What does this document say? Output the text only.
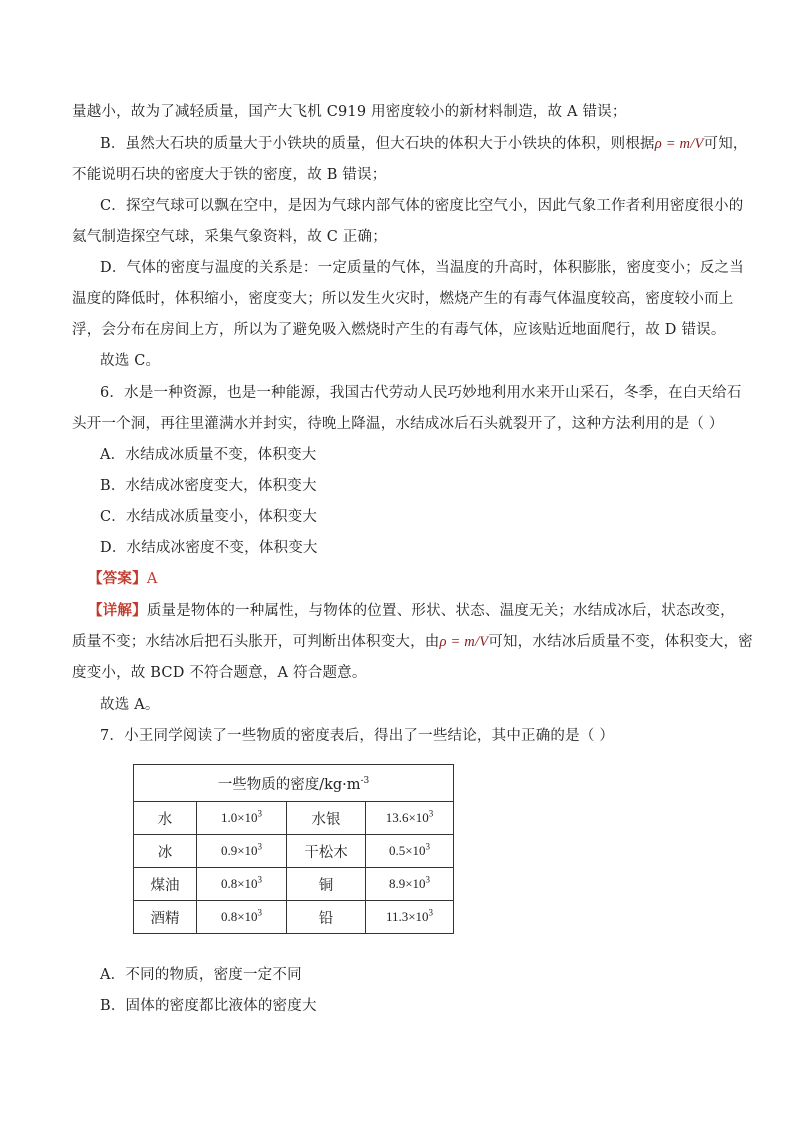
量越小，故为了减轻质量，国产大飞机 C919 用密度较小的新材料制造，故 A 错误；
B．虽然大石块的质量大于小铁块的质量，但大石块的体积大于小铁块的体积，则根据ρ = m/V可知，
不能说明石块的密度大于铁的密度，故 B 错误；
C．探空气球可以飘在空中，是因为气球内部气体的密度比空气小，因此气象工作者利用密度很小的
氦气制造探空气球，采集气象资料，故 C 正确；
D．气体的密度与温度的关系是：一定质量的气体，当温度的升高时，体积膨胀，密度变小；反之当
温度的降低时，体积缩小，密度变大；所以发生火灾时，燃烧产生的有毒气体温度较高，密度较小而上
浮，会分布在房间上方，所以为了避免吸入燃烧时产生的有毒气体，应该贴近地面爬行，故 D 错误。
故选 C。
6．水是一种资源，也是一种能源，我国古代劳动人民巧妙地利用水来开山采石，冬季，在白天给石
头开一个洞，再往里灌满水并封实，待晚上降温，水结成冰后石头就裂开了，这种方法利用的是（ ）
A．水结成冰质量不变，体积变大
B．水结成冰密度变大，体积变大
C．水结成冰质量变小，体积变大
D．水结成冰密度不变，体积变大
【答案】A
【详解】质量是物体的一种属性，与物体的位置、形状、状态、温度无关；水结成冰后，状态改变，
质量不变；水结冰后把石头胀开，可判断出体积变大，由ρ = m/V可知，水结冰后质量不变，体积变大，密
度变小，故 BCD 不符合题意，A 符合题意。
故选 A。
7．小王同学阅读了一些物质的密度表后，得出了一些结论，其中正确的是（ ）
一些物质的密度$/kg\cdot m^{-3}$
水	$1.0\times 10^3$	水银	$13.6\times 10^3$
冰	$0.9\times 10^3$	干松木	$0.5\times 10^3$
煤油	$0.8\times 10^3$	铜	$8.9\times 10^3$
酒精	$0.8\times 10^3$	铅	$11.3\times 10^3$
A．不同的物质，密度一定不同
B．固体的密度都比液体的密度大
